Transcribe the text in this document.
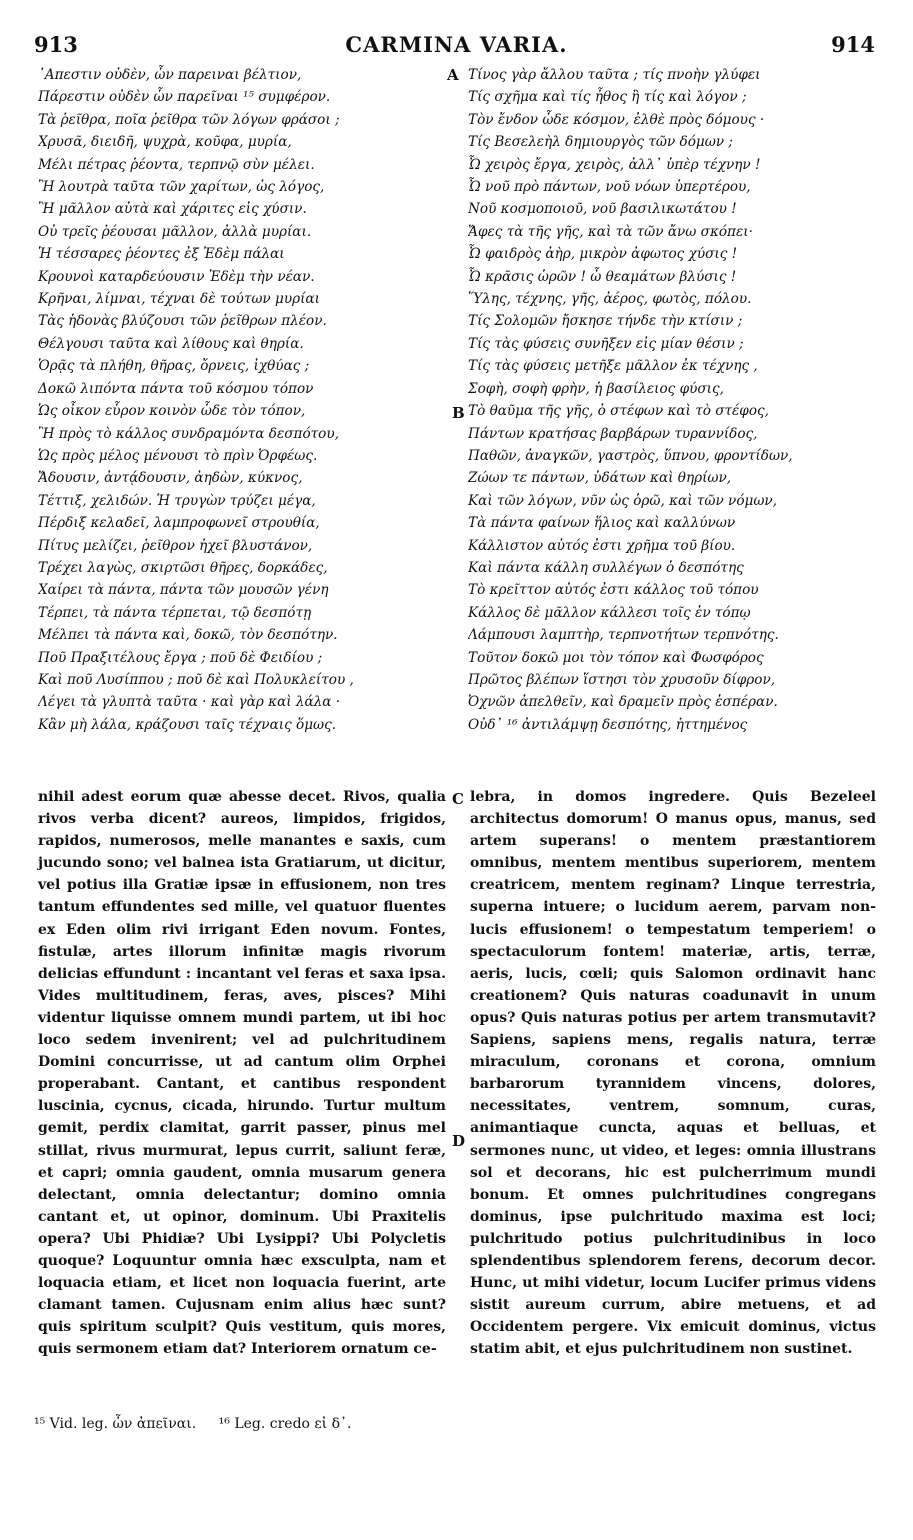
913	CARMINA VARIA.	914
A
B
C
D
᾽Απεστιν οὐδὲν, ὧν παρειναι βέλτιον,
Πάρεστιν οὐδὲν ὧν παρεῖναι ¹⁵ συμφέρον.
Τὰ ῥεῖθρα, ποῖα ῥεῖθρα τῶν λόγων φράσοι ;
Χρυσᾶ, διειδῆ, ψυχρὰ, κοῦφα, μυρία,
Μέλι πέτρας ῥέοντα, τερπνῷ σὺν μέλει.
Ἢ λουτρὰ ταῦτα τῶν χαρίτων, ὡς λόγος,
Ἢ μᾶλλον αὐτὰ καὶ χάριτες εἰς χύσιν.
Οὐ τρεῖς ῥέουσαι μᾶλλον, ἀλλὰ μυρίαι.
Ἡ τέσσαρες ῥέοντες ἐξ Ἐδὲμ πάλαι
Κρουνοὶ καταρδεύουσιν Ἐδὲμ τὴν νέαν.
Κρῆναι, λίμναι, τέχναι δὲ τούτων μυρίαι
Τὰς ἡδονὰς βλύζουσι τῶν ῥεῖθρων πλέον.
Θέλγουσι ταῦτα καὶ λίθους καὶ θηρία.
Ὁρᾷς τὰ πλήθη, θῆρας, ὄρνεις, ἰχθύας ;
Δοκῶ λιπόντα πάντα τοῦ κόσμου τόπον
Ὡς οἶκον εὗρον κοινὸν ὧδε τὸν τόπον,
Ἢ πρὸς τὸ κάλλος συνδραμόντα δεσπότου,
Ὡς πρὸς μέλος μένουσι τὸ πρὶν Ὀρφέως.
Ἄδουσιν, ἀντᾴδουσιν, ἀηδὼν, κύκνος,
Τέττιξ, χελιδών. Ἡ τρυγὼν τρύζει μέγα,
Πέρδιξ κελαδεῖ, λαμπροφωνεῖ στρουθία,
Πίτυς μελίζει, ῥεῖθρον ἠχεῖ βλυστάνον,
Τρέχει λαγὼς, σκιρτῶσι θῆρες, δορκάδες,
Χαίρει τὰ πάντα, πάντα τῶν μουσῶν γένη
Τέρπει, τὰ πάντα τέρπεται, τῷ δεσπότῃ
Μέλπει τὰ πάντα καὶ, δοκῶ, τὸν δεσπότην.
Ποῦ Πραξιτέλους ἔργα ; ποῦ δὲ Φειδίου ;
Καὶ ποῦ Λυσίππου ; ποῦ δὲ καὶ Πολυκλείτου ,
Λέγει τὰ γλυπτὰ ταῦτα · καὶ γὰρ καὶ λάλα ·
Κἂν μὴ λάλα, κράζουσι ταῖς τέχναις ὅμως.
Τίνος γὰρ ἄλλου ταῦτα ; τίς πνοὴν γλύφει
Τίς σχῆμα καὶ τίς ἦθος ἢ τίς καὶ λόγον ;
Τὸν ἔνδον ὧδε κόσμον, ἐλθὲ πρὸς δόμους ·
Τίς Βεσελεὴλ δημιουργὸς τῶν δόμων ;
Ὦ χειρὸς ἔργα, χειρὸς, ἀλλ᾽ ὑπὲρ τέχνην !
Ὦ νοῦ πρὸ πάντων, νοῦ νόων ὑπερτέρου,
Νοῦ κοσμοποιοῦ, νοῦ βασιλικωτάτου !
Ἄφες τὰ τῆς γῆς, καὶ τὰ τῶν ἄνω σκόπει·
Ὦ φαιδρὸς ἀὴρ, μικρὸν ἀφωτος χύσις !
Ὦ κρᾶσις ὡρῶν ! ὦ θεαμάτων βλύσις !
Ὕλης, τέχνης, γῆς, ἀέρος, φωτὸς, πόλου.
Τίς Σολομῶν ἤσκησε τήνδε τὴν κτίσιν ;
Τίς τὰς φύσεις συνῆξεν εἰς μίαν θέσιν ;
Τίς τὰς φύσεις μετῆξε μᾶλλον ἐκ τέχνης ,
Σοφὴ, σοφὴ φρὴν, ἡ βασίλειος φύσις,
Τὸ θαῦμα τῆς γῆς, ὁ στέφων καὶ τὸ στέφος,
Πάντων κρατήσας βαρβάρων τυραννίδος,
Παθῶν, ἀναγκῶν, γαστρὸς, ὕπνου, φροντίδων,
Ζώων τε πάντων, ὑδάτων καὶ θηρίων,
Καὶ τῶν λόγων, νῦν ὡς ὁρῶ, καὶ τῶν νόμων,
Τὰ πάντα φαίνων ἥλιος καὶ καλλύνων
Κάλλιστον αὐτός ἐστι χρῆμα τοῦ βίου.
Καὶ πάντα κάλλη συλλέγων ὁ δεσπότης
Τὸ κρεῖττον αὐτός ἐστι κάλλος τοῦ τόπου
Κάλλος δὲ μᾶλλον κάλλεσι τοῖς ἐν τόπῳ
Λάμπουσι λαμπτὴρ, τερπνοτήτων τερπνότης.
Τοῦτον δοκῶ μοι τὸν τόπον καὶ Φωσφόρος
Πρῶτος βλέπων ἵστησι τὸν χρυσοῦν δίφρον,
Ὀχνῶν ἀπελθεῖν, καὶ δραμεῖν πρὸς ἑσπέραν.
Οὐδ᾽ ¹⁶ ἀντιλάμψῃ δεσπότης, ἡττημένος

nihil adest eorum quæ abesse decet. Rivos, qualia rivos verba dicent? aureos, limpidos, frigidos, rapidos, numerosos, melle manantes e saxis, cum jucundo sono; vel balnea ista Gratiarum, ut dicitur, vel potius illa Gratiæ ipsæ in effusionem, non tres tantum effundentes sed mille, vel quatuor fluentes ex Eden olim rivi irrigant Eden novum. Fontes, fistulæ, artes illorum infinitæ magis rivorum delicias effundunt : incantant vel feras et saxa ipsa. Vides multitudinem, feras, aves, pisces? Mihi videntur liquisse omnem mundi partem, ut ibi hoc loco sedem invenirent; vel ad pulchritudinem Domini concurrisse, ut ad cantum olim Orphei properabant. Cantant, et cantibus respondent luscinia, cycnus, cicada, hirundo. Turtur multum gemit, perdix clamitat, garrit passer, pinus mel stillat, rivus murmurat, lepus currit, saliunt feræ, et capri; omnia gaudent, omnia musarum genera delectant, omnia delectantur; domino omnia cantant et, ut opinor, dominum. Ubi Praxitelis opera? Ubi Phidiæ? Ubi Lysippi? Ubi Polycletis quoque? Loquuntur omnia hæc exsculpta, nam et loquacia etiam, et licet non loquacia fuerint, arte clamant tamen. Cujusnam enim alius hæc sunt? quis spiritum sculpit? Quis vestitum, quis mores, quis sermonem etiam dat? Interiorem ornatum ce-

lebra, in domos ingredere. Quis Bezeleel architectus domorum! O manus opus, manus, sed artem superans! o mentem præstantiorem omnibus, mentem mentibus superiorem, mentem creatricem, mentem reginam? Linque terrestria, superna intuere; o lucidum aerem, parvam non-lucis effusionem! o tempestatum temperiem! o spectaculorum fontem! materiæ, artis, terræ, aeris, lucis, cœli; quis Salomon ordinavit hanc creationem? Quis naturas coadunavit in unum opus? Quis naturas potius per artem transmutavit? Sapiens, sapiens mens, regalis natura, terræ miraculum, coronans et corona, omnium barbarorum tyrannidem vincens, dolores, necessitates, ventrem, somnum, curas, animantiaque cuncta, aquas et belluas, et sermones nunc, ut video, et leges: omnia illustrans sol et decorans, hic est pulcherrimum mundi bonum. Et omnes pulchritudines congregans dominus, ipse pulchritudo maxima est loci; pulchritudo potius pulchritudinibus in loco splendentibus splendorem ferens, decorum decor. Hunc, ut mihi videtur, locum Lucifer primus videns sistit aureum currum, abire metuens, et ad Occidentem pergere. Vix emicuit dominus, victus statim abit, et ejus pulchritudinem non sustinet.

¹⁵ Vid. leg. ὧν ἀπεῖναι. ¹⁶ Leg. credo εἰ δ᾽.
